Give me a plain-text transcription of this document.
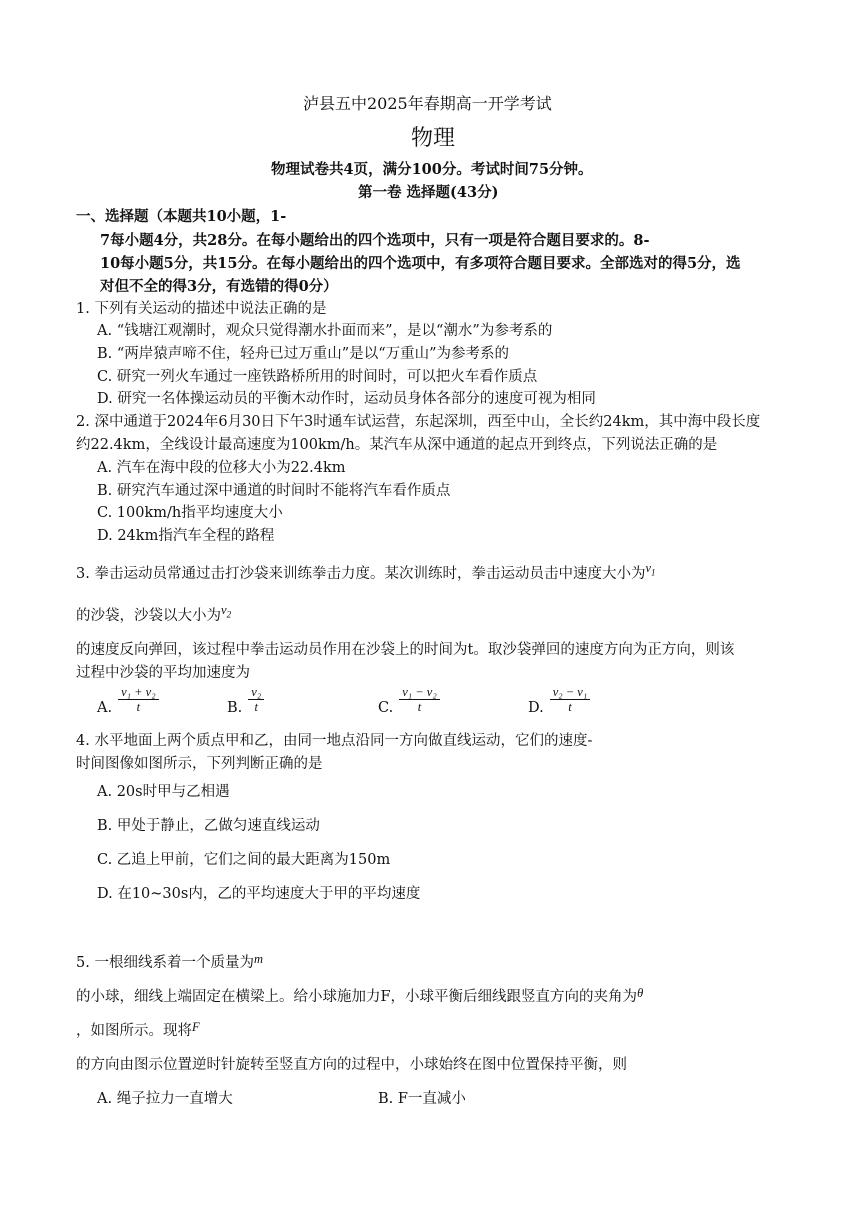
泸县五中2025年春期高一开学考试
物理
物理试卷共4页，满分100分。考试时间75分钟。
第一卷 选择题(43分)
一、选择题（本题共10小题，1-
7每小题4分，共28分。在每小题给出的四个选项中，只有一项是符合题目要求的。8-
10每小题5分，共15分。在每小题给出的四个选项中，有多项符合题目要求。全部选对的得5分，选
对但不全的得3分，有选错的得0分）
1. 下列有关运动的描述中说法正确的是
A. “钱塘江观潮时，观众只觉得潮水扑面而来”，是以“潮水”为参考系的
B. “两岸猿声啼不住，轻舟已过万重山”是以“万重山”为参考系的
C. 研究一列火车通过一座铁路桥所用的时间时，可以把火车看作质点
D. 研究一名体操运动员的平衡木动作时，运动员身体各部分的速度可视为相同
2. 深中通道于2024年6月30日下午3时通车试运营，东起深圳，西至中山，全长约24km，其中海中段长度
约22.4km，全线设计最高速度为100km/h。某汽车从深中通道的起点开到终点，下列说法正确的是
A. 汽车在海中段的位移大小为22.4km
B. 研究汽车通过深中通道的时间时不能将汽车看作质点
C. 100km/h指平均速度大小
D. 24km指汽车全程的路程
3. 拳击运动员常通过击打沙袋来训练拳击力度。某次训练时，拳击运动员击中速度大小为$v_1$
的沙袋，沙袋以大小为$v_2$
的速度反向弹回，该过程中拳击运动员作用在沙袋上的时间为t。取沙袋弹回的速度方向为正方向，则该
过程中沙袋的平均加速度为
A. $\frac{\text{v₁ + v₂}}{t}$	B. $\frac{\text{v₂}}{t}$	C. $\frac{\text{v₁ − v₂}}{t}$	D. $\frac{\text{v₂ − v₁}}{t}$
4. 水平地面上两个质点甲和乙，由同一地点沿同一方向做直线运动，它们的速度-
时间图像如图所示，下列判断正确的是
A. 20s时甲与乙相遇
B. 甲处于静止，乙做匀速直线运动
C. 乙追上甲前，它们之间的最大距离为150m
D. 在10~30s内，乙的平均速度大于甲的平均速度
5. 一根细线系着一个质量为m
的小球，细线上端固定在横梁上。给小球施加力F，小球平衡后细线跟竖直方向的夹角为θ
，如图所示。现将F
的方向由图示位置逆时针旋转至竖直方向的过程中，小球始终在图中位置保持平衡，则
A. 绳子拉力一直增大	B. F一直减小
